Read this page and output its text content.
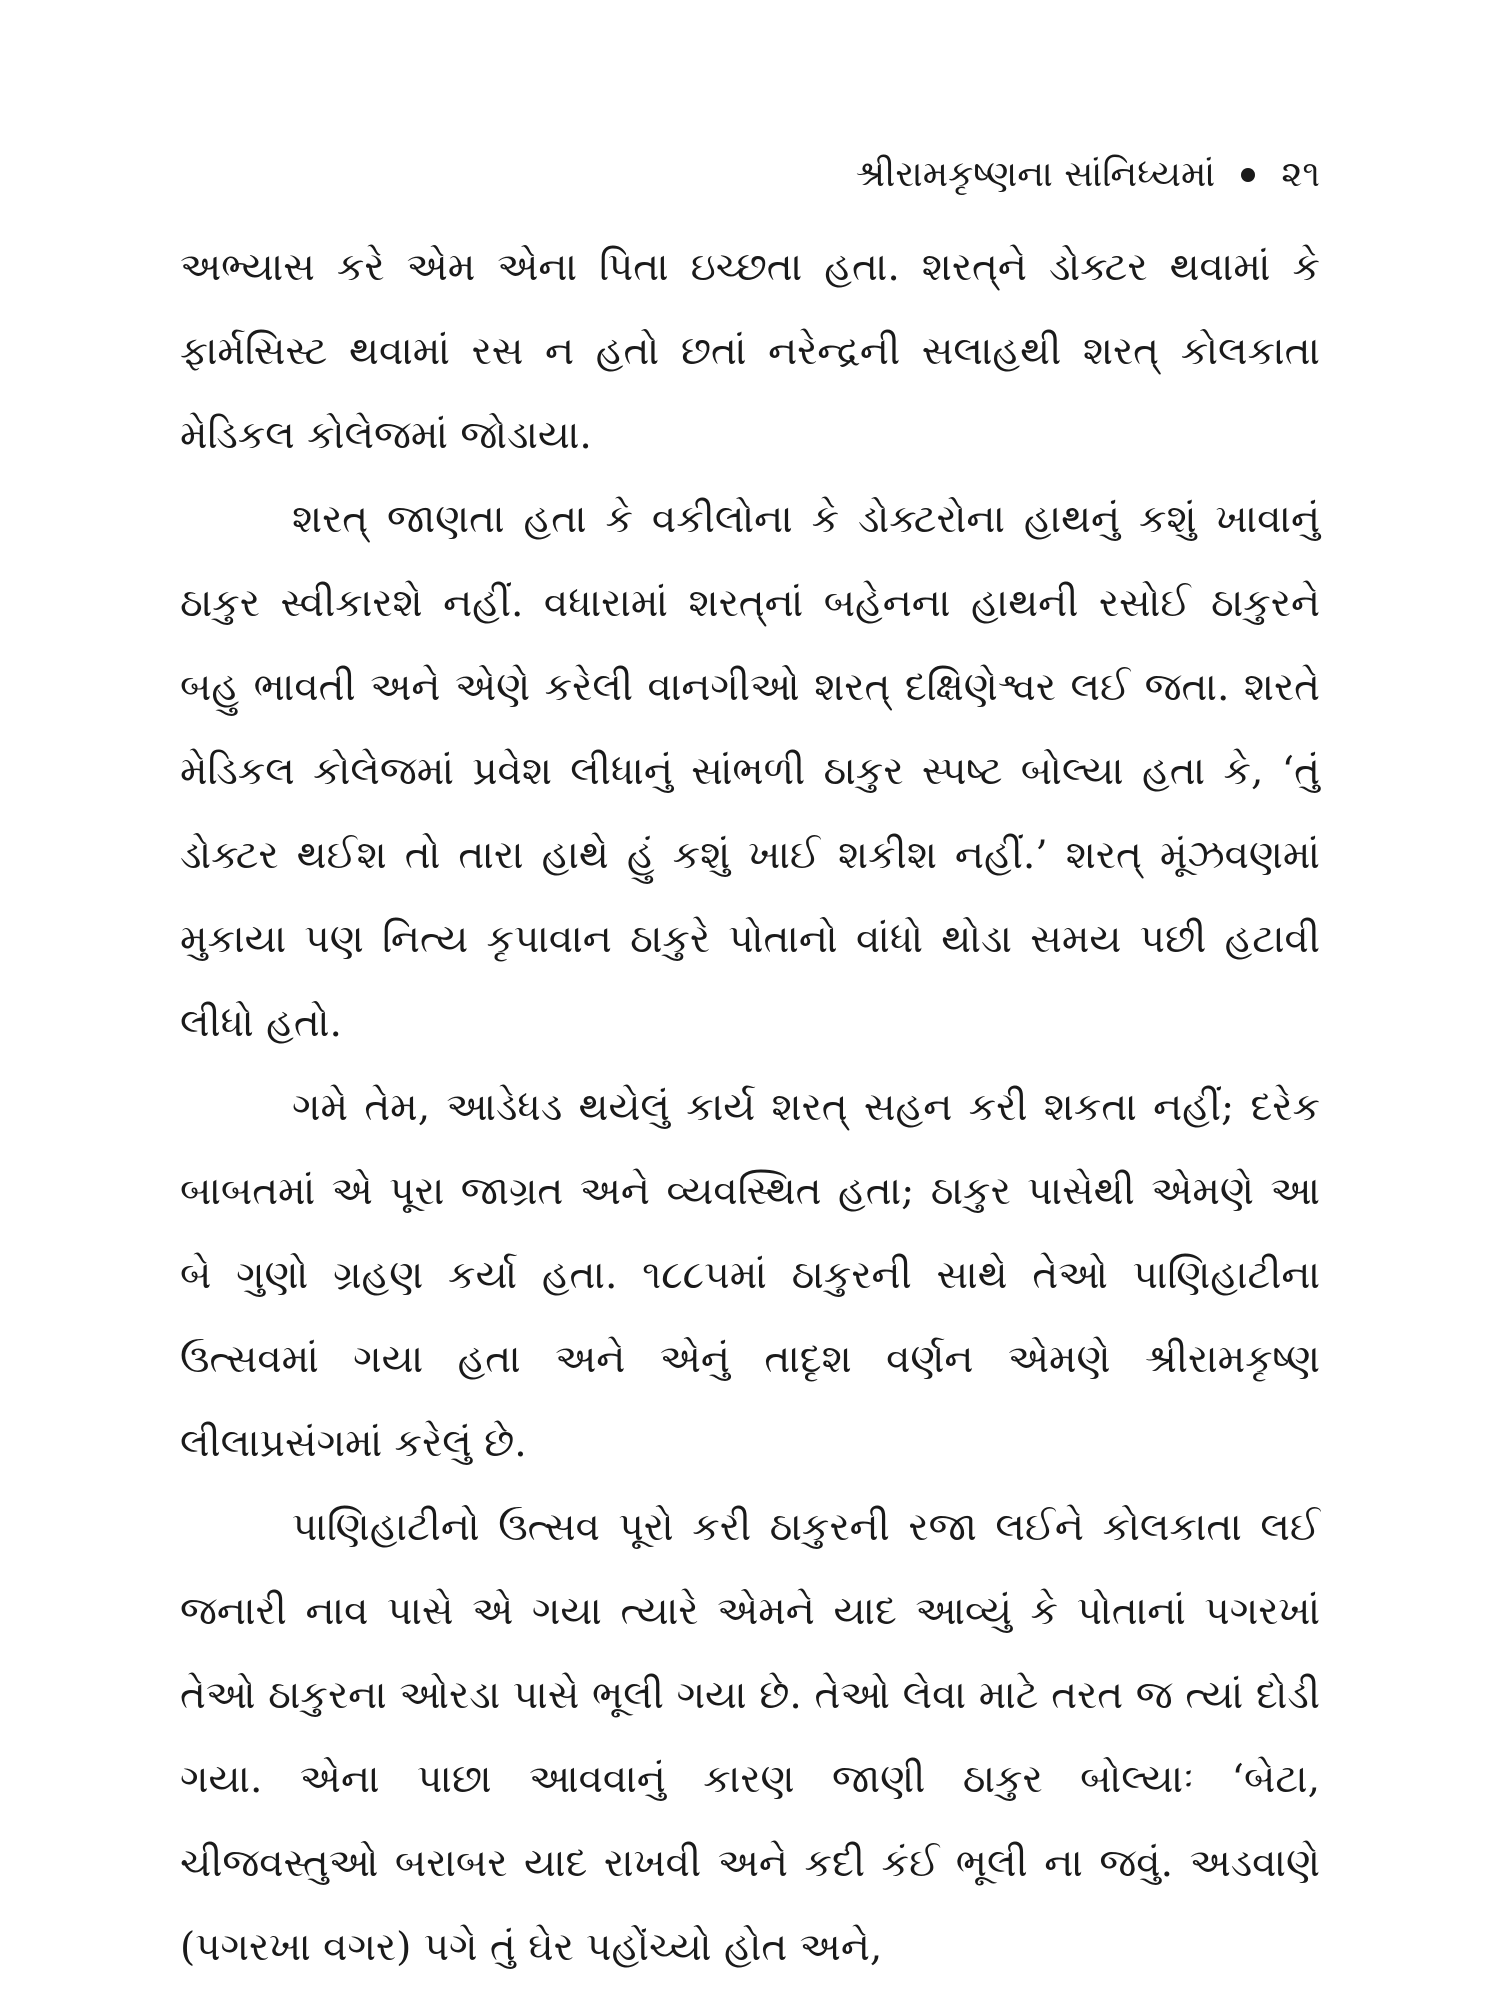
શ્રીરામકૃષ્ણના સાંનિધ્યમાં ૨૧

અભ્યાસ કરે એમ એના પિતા ઇચ્છતા હતા. શરત્‌ને ડોક્ટર થવામાં કે ફાર્મસિસ્ટ થવામાં રસ ન હતો છતાં નરેન્દ્રની સલાહથી શરત્ કોલકાતા મેડિકલ કોલેજમાં જોડાયા.

શરત્ જાણતા હતા કે વકીલોના કે ડોક્ટરોના હાથનું કશું ખાવાનું ઠાકુર સ્વીકારશે નહીં. વધારામાં શરત્‌નાં બહેનના હાથની રસોઈ ઠાકુરને બહુ ભાવતી અને એણે કરેલી વાનગીઓ શરત્ દક્ષિણેશ્વર લઈ જતા. શરતે મેડિકલ કોલેજમાં પ્રવેશ લીધાનું સાંભળી ઠાકુર સ્પષ્ટ બોલ્યા હતા કે, ‘તું ડોક્ટર થઈશ તો તારા હાથે હું કશું ખાઈ શકીશ નહીં.’ શરત્ મૂંઝવણમાં મુકાયા પણ નિત્ય કૃપાવાન ઠાકુરે પોતાનો વાંધો થોડા સમય પછી હટાવી લીધો હતો.

ગમે તેમ, આડેધડ થયેલું કાર્ય શરત્ સહન કરી શકતા નહીં; દરેક બાબતમાં એ પૂરા જાગ્રત અને વ્યવસ્થિત હતા; ઠાકુર પાસેથી એમણે આ બે ગુણો ગ્રહણ કર્યા હતા. ૧૮૮૫માં ઠાકુરની સાથે તેઓ પાણિહાટીના ઉત્સવમાં ગયા હતા અને એનું તાદૃશ વર્ણન એમણે શ્રીરામકૃષ્ણ લીલાપ્રસંગમાં કરેલું છે.

પાણિહાટીનો ઉત્સવ પૂરો કરી ઠાકુરની રજા લઈને કોલકાતા લઈ જનારી નાવ પાસે એ ગયા ત્યારે એમને યાદ આવ્યું કે પોતાનાં પગરખાં તેઓ ઠાકુરના ઓરડા પાસે ભૂલી ગયા છે. તેઓ લેવા માટે તરત જ ત્યાં દોડી ગયા. એના પાછા આવવાનું કારણ જાણી ઠાકુર બોલ્યાઃ ‘બેટા, ચીજવસ્તુઓ બરાબર યાદ રાખવી અને કદી કંઈ ભૂલી ના જવું. અડવાણે (પગરખા વગર) પગે તું ઘેર પહોંચ્યો હોત અને,
